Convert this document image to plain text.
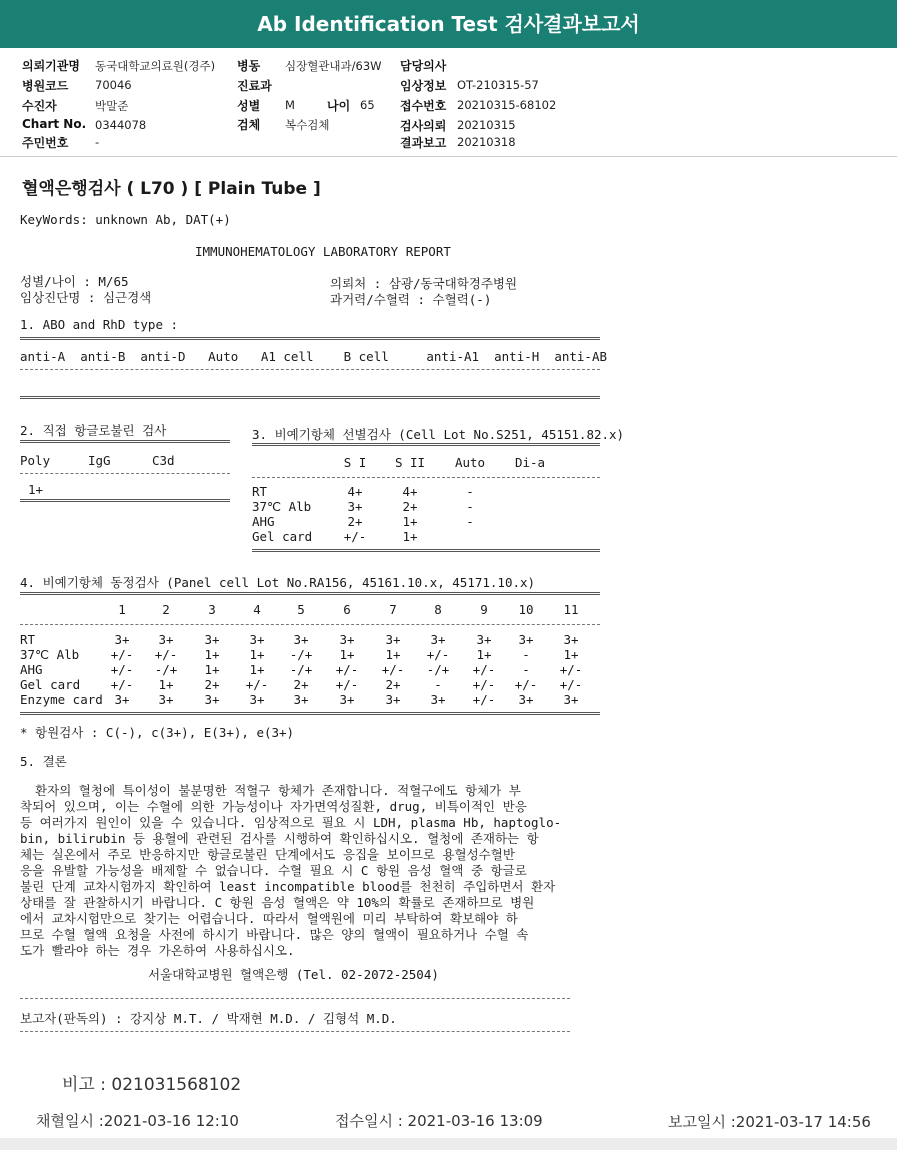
Ab Identification Test 검사결과보고서
의뢰기관명 동국대학교의료원(경주) 병동 심장혈관내과/63W 담당의사
병원코드 70046	진료과	임상정보 OT-210315-57
수진자	박말준	성별 M	나이 65 접수번호 20210315-68102
Chart No. 0344078	검체 복수검체	검사의뢰 20210315
주민번호 -	결과보고 20210318
혈액은행검사 ( L70 ) [ Plain Tube ]
KeyWords: unknown Ab, DAT(+)
IMMUNOHEMATOLOGY LABORATORY REPORT
성별/나이 : M/65
임상진단명 : 심근경색
의뢰처 : 삼광/동국대학경주병원
과거력/수혈력 : 수혈력(-)
1. ABO and RhD type :
anti-A  anti-B  anti-D   Auto   A1 cell    B cell     anti-A1  anti-H  anti-AB
2. 직접 항글로불린 검사
Poly	IgG	C3d
1+
3. 비예기항체 선별검사 (Cell Lot No.S251, 45151.82.x)
S I	S II	Auto	Di-a
RT	4+	4+	-
37℃ Alb	3+	2+	-
AHG	2+	1+	-
Gel card	+/-	1+
4. 비예기항체 동정검사 (Panel cell Lot No.RA156, 45161.10.x, 45171.10.x)
1	2	3	4	5	6	7	8	9	10	11
RT	3+	3+	3+	3+	3+	3+	3+	3+	3+	3+	3+
37℃ Alb	+/-	+/-	1+	1+	-/+	1+	1+	+/-	1+	-	1+
AHG	+/-	-/+	1+	1+	-/+	+/-	+/-	-/+	+/-	-	+/-
Gel card	+/-	1+	2+	+/-	2+	+/-	2+	-	+/-	+/-	+/-
Enzyme card 3+	3+	3+	3+	3+	3+	3+	3+	+/-	3+	3+
* 항원검사 : C(-), c(3+), E(3+), e(3+)
5. 결론
환자의 혈청에 특이성이 불분명한 적혈구 항체가 존재합니다. 적혈구에도 항체가 부
착되어 있으며, 이는 수혈에 의한 가능성이나 자가면역성질환, drug, 비특이적인 반응
등 여러가지 원인이 있을 수 있습니다. 임상적으로 필요 시 LDH, plasma Hb, haptoglo-
bin, bilirubin 등 용혈에 관련된 검사를 시행하여 확인하십시오. 혈청에 존재하는 항
체는 실온에서 주로 반응하지만 항글로불린 단계에서도 응집을 보이므로 용혈성수혈반
응을 유발할 가능성을 배제할 수 없습니다. 수혈 필요 시 C 항원 음성 혈액 중 항글로
불린 단계 교차시험까지 확인하여 least incompatible blood를 천천히 주입하면서 환자
상태를 잘 관찰하시기 바랍니다. C 항원 음성 혈액은 약 10%의 확률로 존재하므로 병원
에서 교차시험만으로 찾기는 어렵습니다. 따라서 혈액원에 미리 부탁하여 확보해야 하
므로 수혈 혈액 요청을 사전에 하시기 바랍니다. 많은 양의 혈액이 필요하거나 수혈 속
도가 빨라야 하는 경우 가온하여 사용하십시오.
서울대학교병원 혈액은행 (Tel. 02-2072-2504)
보고자(판독의) : 강지상 M.T. / 박재현 M.D. / 김형석 M.D.
비고 : 021031568102
채혈일시 :2021-03-16 12:10	접수일시 : 2021-03-16 13:09	보고일시 :2021-03-17 14:56
